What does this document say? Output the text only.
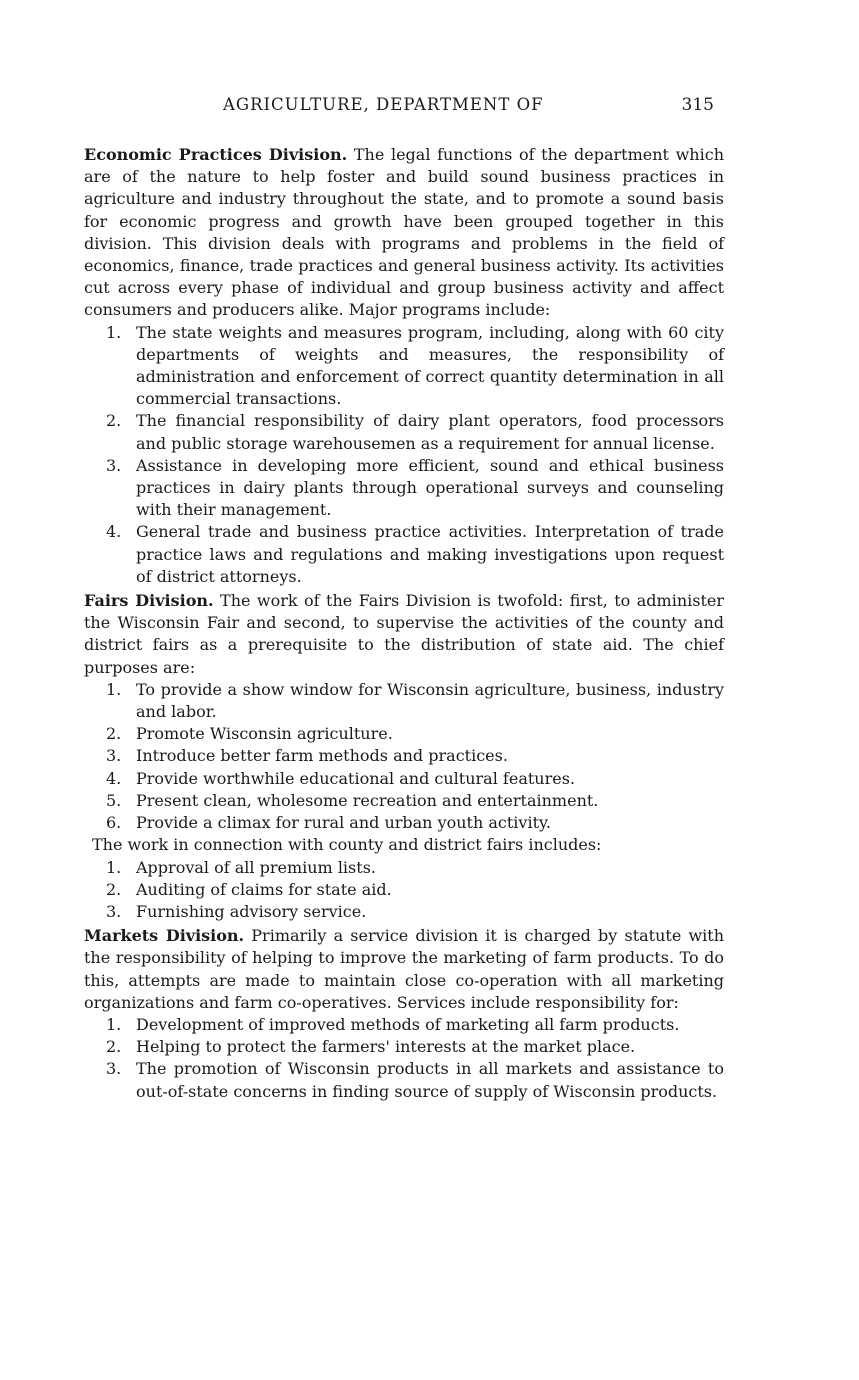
AGRICULTURE, DEPARTMENT OF	315

Economic Practices Division. The legal functions of the department which are of the nature to help foster and build sound business practices in agriculture and industry throughout the state, and to promote a sound basis for economic progress and growth have been grouped together in this division. This division deals with programs and problems in the field of economics, finance, trade practices and general business activity. Its activities cut across every phase of individual and group business activity and affect consumers and producers alike. Major programs include:

1. The state weights and measures program, including, along with 60 city departments of weights and measures, the responsibility of administration and enforcement of correct quantity determination in all commercial transactions.
2. The financial responsibility of dairy plant operators, food processors and public storage warehousemen as a requirement for annual license.
3. Assistance in developing more efficient, sound and ethical business practices in dairy plants through operational surveys and counseling with their management.
4. General trade and business practice activities. Interpretation of trade practice laws and regulations and making investigations upon request of district attorneys.

Fairs Division. The work of the Fairs Division is twofold: first, to administer the Wisconsin Fair and second, to supervise the activities of the county and district fairs as a prerequisite to the distribution of state aid. The chief purposes are:

1. To provide a show window for Wisconsin agriculture, business, industry and labor.
2. Promote Wisconsin agriculture.
3. Introduce better farm methods and practices.
4. Provide worthwhile educational and cultural features.
5. Present clean, wholesome recreation and entertainment.
6. Provide a climax for rural and urban youth activity.

The work in connection with county and district fairs includes:

1. Approval of all premium lists.
2. Auditing of claims for state aid.
3. Furnishing advisory service.

Markets Division. Primarily a service division it is charged by statute with the responsibility of helping to improve the marketing of farm products. To do this, attempts are made to maintain close co-operation with all marketing organizations and farm co-operatives. Services include responsibility for:

1. Development of improved methods of marketing all farm products.
2. Helping to protect the farmers' interests at the market place.
3. The promotion of Wisconsin products in all markets and assistance to out-of-state concerns in finding source of supply of Wisconsin products.
